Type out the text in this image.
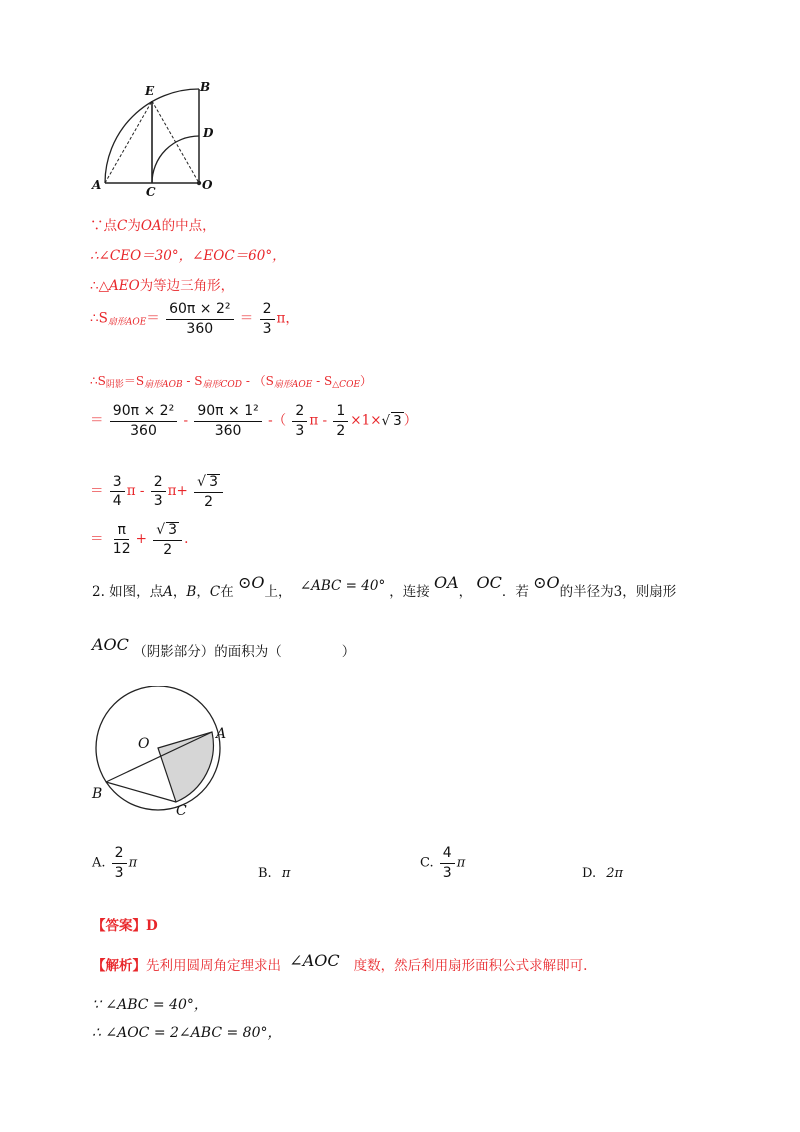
A
B
C
D
E
O
∵点C为OA的中点，
∴∠CEO＝30°，∠EOC＝60°，
∴△AEO为等边三角形，
$\therefore S_{扇形AOE}= \frac{\text{60π × 2²}}{360} = \frac{2}{3}$ π，
$\therefore S_{阴影}=S_{扇形AOB} - S_{扇形COD} - (S_{扇形AOE} - S_{\triangle COE})$
＝ $\frac{\text{90π × 2²}}{360} - \frac{\text{90π × 1²}}{360}$ -（ $\frac{2}{3}$ $\pi - \frac{1}{2} \times 1\times√$ 3 ）
＝ $\frac{3}{4}$ $\pi - \frac{2}{3} \pi+ \frac{√ 3}{2}$
＝ $\frac{\pi}{12} + \frac{√ 3}{2}$ .
2. 如图，点A，B，C在 ⊙O上， ∠ABC = 40° ，连接 OA， OC．若 ⊙O的半径为3，则扇形
AOC （阴影部分）的面积为（	）
O
A
B
C
A. $\frac{2}{3}$ π
B. π
C. $\frac{4}{3}$ π
D. 2π
【答案】D
【解析】先利用圆周角定理求出 ∠AOC 度数，然后利用扇形面积公式求解即可.
∵ ∠ABC = 40°，
∴ ∠AOC = 2∠ABC = 80°，
